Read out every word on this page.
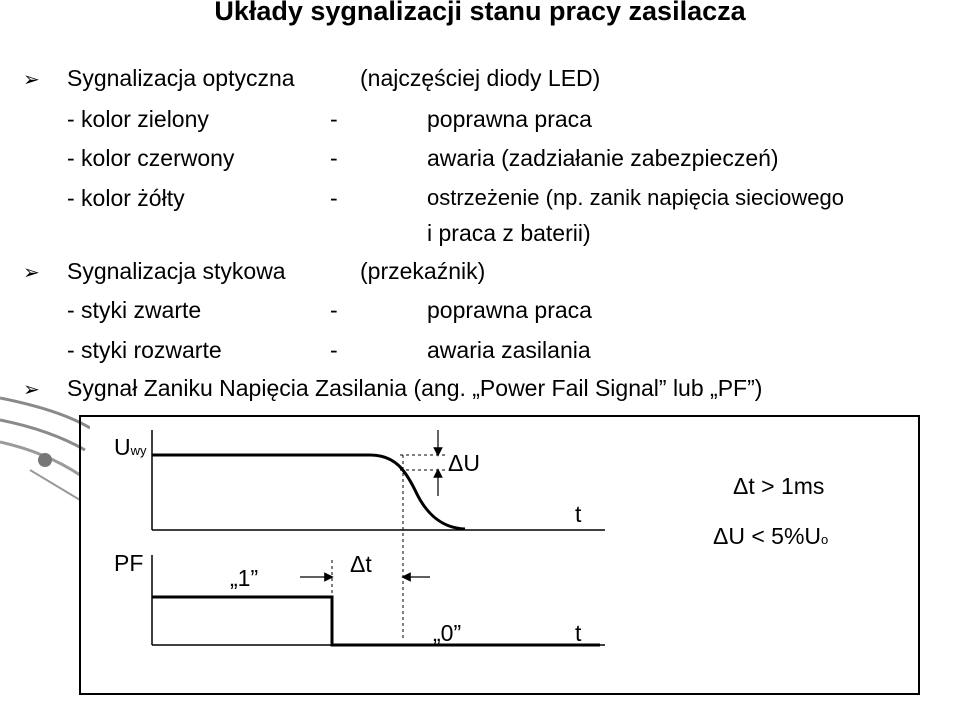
Układy sygnalizacji stanu pracy zasilacza
➢
➢
➢
Sygnalizacja optyczna	(najczęściej diody LED)
- kolor zielony	-	poprawna praca
- kolor czerwony	-	awaria (zadziałanie zabezpieczeń)
- kolor żółty	-	ostrzeżenie (np. zanik napięcia sieciowego
i praca z baterii)
Sygnalizacja stykowa	(przekaźnik)
- styki zwarte	-	poprawna praca
- styki rozwarte	-	awaria zasilania
Sygnał Zaniku Napięcia Zasilania (ang. „Power Fail Signal” lub „PF”)
Uwy
PF
„1”
„0”
Δt
ΔU
t
t
Δt > 1ms
ΔU < 5%Uo
